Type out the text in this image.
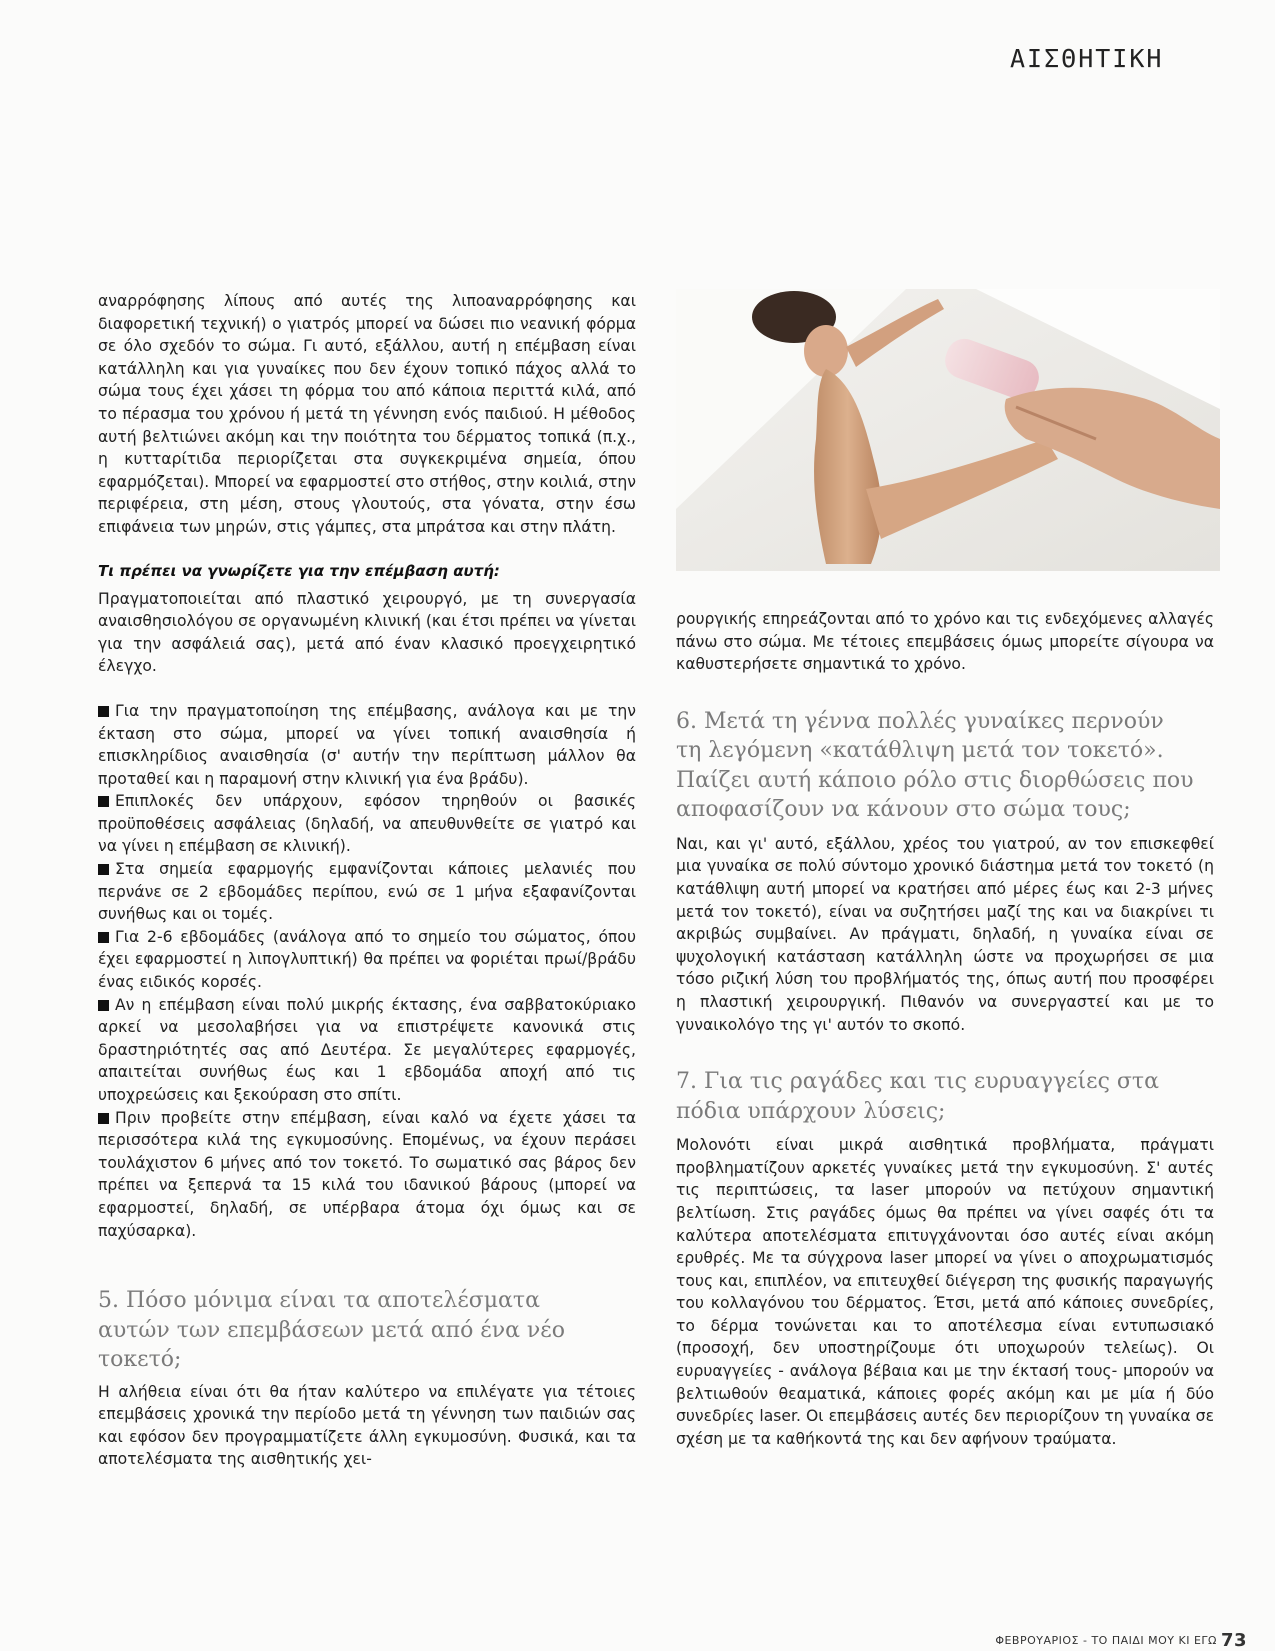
ΑΙΣΘΗΤΙΚΗ

αναρρόφησης λίπους από αυτές της λιποαναρρόφησης και διαφορετική τεχνική) ο γιατρός μπορεί να δώσει πιο νεανική φόρμα σε όλο σχεδόν το σώμα. Γι αυτό, εξάλλου, αυτή η επέμβαση είναι κατάλληλη και για γυναίκες που δεν έχουν τοπικό πάχος αλλά το σώμα τους έχει χάσει τη φόρμα του από κάποια περιττά κιλά, από το πέρασμα του χρόνου ή μετά τη γέννηση ενός παιδιού. Η μέθοδος αυτή βελτιώνει ακόμη και την ποιότητα του δέρματος τοπικά (π.χ., η κυτταρίτιδα περιορίζεται στα συγκεκριμένα σημεία, όπου εφαρμόζεται). Μπορεί να εφαρμοστεί στο στήθος, στην κοιλιά, στην περιφέρεια, στη μέση, στους γλουτούς, στα γόνατα, στην έσω επιφάνεια των μηρών, στις γάμπες, στα μπράτσα και στην πλάτη.

Τι πρέπει να γνωρίζετε για την επέμβαση αυτή:

Πραγματοποιείται από πλαστικό χειρουργό, με τη συνεργασία αναισθησιολόγου σε οργανωμένη κλινική (και έτσι πρέπει να γίνεται για την ασφάλειά σας), μετά από έναν κλασικό προεγχειρητικό έλεγχο.

Για την πραγματοποίηση της επέμβασης, ανάλογα και με την έκταση στο σώμα, μπορεί να γίνει τοπική αναισθησία ή επισκληρίδιος αναισθησία (σ' αυτήν την περίπτωση μάλλον θα προταθεί και η παραμονή στην κλινική για ένα βράδυ).

Επιπλοκές δεν υπάρχουν, εφόσον τηρηθούν οι βασικές προϋποθέσεις ασφάλειας (δηλαδή, να απευθυνθείτε σε γιατρό και να γίνει η επέμβαση σε κλινική).

Στα σημεία εφαρμογής εμφανίζονται κάποιες μελανιές που περνάνε σε 2 εβδομάδες περίπου, ενώ σε 1 μήνα εξαφανίζονται συνήθως και οι τομές.

Για 2-6 εβδομάδες (ανάλογα από το σημείο του σώματος, όπου έχει εφαρμοστεί η λιπογλυπτική) θα πρέπει να φοριέται πρωί/βράδυ ένας ειδικός κορσές.

Αν η επέμβαση είναι πολύ μικρής έκτασης, ένα σαββατοκύριακο αρκεί να μεσολαβήσει για να επιστρέψετε κανονικά στις δραστηριότητές σας από Δευτέρα. Σε μεγαλύτερες εφαρμογές, απαιτείται συνήθως έως και 1 εβδομάδα αποχή από τις υποχρεώσεις και ξεκούραση στο σπίτι.

Πριν προβείτε στην επέμβαση, είναι καλό να έχετε χάσει τα περισσότερα κιλά της εγκυμοσύνης. Επομένως, να έχουν περάσει τουλάχιστον 6 μήνες από τον τοκετό. Το σωματικό σας βάρος δεν πρέπει να ξεπερνά τα 15 κιλά του ιδανικού βάρους (μπορεί να εφαρμοστεί, δηλαδή, σε υπέρβαρα άτομα όχι όμως και σε παχύσαρκα).

5. Πόσο μόνιμα είναι τα αποτελέσματα αυτών των επεμβάσεων μετά από ένα νέο τοκετό;

Η αλήθεια είναι ότι θα ήταν καλύτερο να επιλέγατε για τέτοιες επεμβάσεις χρονικά την περίοδο μετά τη γέννηση των παιδιών σας και εφόσον δεν προγραμματίζετε άλλη εγκυμοσύνη. Φυσικά, και τα αποτελέσματα της αισθητικής χει-

ρουργικής επηρεάζονται από το χρόνο και τις ενδεχόμενες αλλαγές πάνω στο σώμα. Με τέτοιες επεμβάσεις όμως μπορείτε σίγουρα να καθυστερήσετε σημαντικά το χρόνο.

6. Μετά τη γέννα πολλές γυναίκες περνούν τη λεγόμενη «κατάθλιψη μετά τον τοκετό». Παίζει αυτή κάποιο ρόλο στις διορθώσεις που αποφασίζουν να κάνουν στο σώμα τους;

Ναι, και γι' αυτό, εξάλλου, χρέος του γιατρού, αν τον επισκεφθεί μια γυναίκα σε πολύ σύντομο χρονικό διάστημα μετά τον τοκετό (η κατάθλιψη αυτή μπορεί να κρατήσει από μέρες έως και 2-3 μήνες μετά τον τοκετό), είναι να συζητήσει μαζί της και να διακρίνει τι ακριβώς συμβαίνει. Αν πράγματι, δηλαδή, η γυναίκα είναι σε ψυχολογική κατάσταση κατάλληλη ώστε να προχωρήσει σε μια τόσο ριζική λύση του προβλήματός της, όπως αυτή που προσφέρει η πλαστική χειρουργική. Πιθανόν να συνεργαστεί και με το γυναικολόγο της γι' αυτόν το σκοπό.

7. Για τις ραγάδες και τις ευρυαγγείες στα πόδια υπάρχουν λύσεις;

Μολονότι είναι μικρά αισθητικά προβλήματα, πράγματι προβληματίζουν αρκετές γυναίκες μετά την εγκυμοσύνη. Σ' αυτές τις περιπτώσεις, τα laser μπορούν να πετύχουν σημαντική βελτίωση. Στις ραγάδες όμως θα πρέπει να γίνει σαφές ότι τα καλύτερα αποτελέσματα επιτυγχάνονται όσο αυτές είναι ακόμη ερυθρές. Με τα σύγχρονα laser μπορεί να γίνει ο αποχρωματισμός τους και, επιπλέον, να επιτευχθεί διέγερση της φυσικής παραγωγής του κολλαγόνου του δέρματος. Έτσι, μετά από κάποιες συνεδρίες, το δέρμα τονώνεται και το αποτέλεσμα είναι εντυπωσιακό (προσοχή, δεν υποστηρίζουμε ότι υποχωρούν τελείως). Οι ευρυαγγείες - ανάλογα βέβαια και με την έκτασή τους- μπορούν να βελτιωθούν θεαματικά, κάποιες φορές ακόμη και με μία ή δύο συνεδρίες laser. Οι επεμβάσεις αυτές δεν περιορίζουν τη γυναίκα σε σχέση με τα καθήκοντά της και δεν αφήνουν τραύματα.

ΦΕΒΡΟΥΑΡΙΟΣ - ΤΟ ΠΑΙΔΙ ΜΟΥ ΚΙ ΕΓΩ 73
